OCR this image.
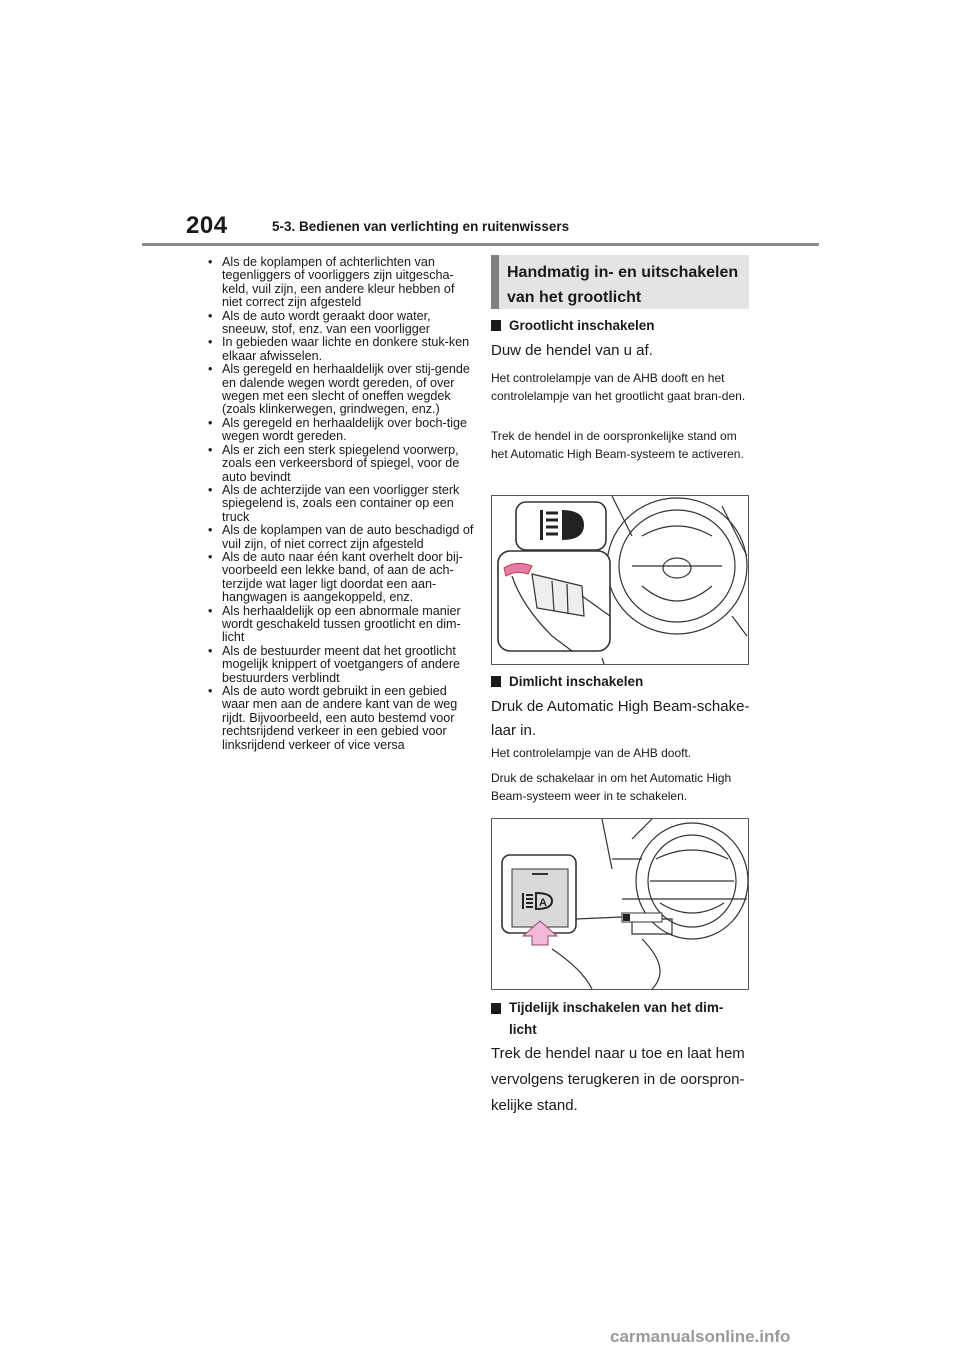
204	5-3. Bedienen van verlichting en ruitenwissers
• Als de koplampen of achterlichten van tegenliggers of voorliggers zijn uitgescha-keld, vuil zijn, een andere kleur hebben of niet correct zijn afgesteld
• Als de auto wordt geraakt door water, sneeuw, stof, enz. van een voorligger
• In gebieden waar lichte en donkere stuk-ken elkaar afwisselen.
• Als geregeld en herhaaldelijk over stij-gende en dalende wegen wordt gereden, of over wegen met een slecht of oneffen wegdek (zoals klinkerwegen, grindwegen, enz.)
• Als geregeld en herhaaldelijk over boch-tige wegen wordt gereden.
• Als er zich een sterk spiegelend voorwerp, zoals een verkeersbord of spiegel, voor de auto bevindt
• Als de achterzijde van een voorligger sterk spiegelend is, zoals een container op een truck
• Als de koplampen van de auto beschadigd of vuil zijn, of niet correct zijn afgesteld
• Als de auto naar één kant overhelt door bij-voorbeeld een lekke band, of aan de ach-terzijde wat lager ligt doordat een aan-hangwagen is aangekoppeld, enz.
• Als herhaaldelijk op een abnormale manier wordt geschakeld tussen grootlicht en dim-licht
• Als de bestuurder meent dat het grootlicht mogelijk knippert of voetgangers of andere bestuurders verblindt
• Als de auto wordt gebruikt in een gebied waar men aan de andere kant van de weg rijdt. Bijvoorbeeld, een auto bestemd voor rechtsrijdend verkeer in een gebied voor linksrijdend verkeer of vice versa
Handmatig in- en uitschakelen
van het grootlicht
Grootlicht inschakelen
Duw de hendel van u af.
Het controlelampje van de AHB dooft en het controlelampje van het grootlicht gaat bran-den.
Trek de hendel in de oorspronkelijke stand om het Automatic High Beam-systeem te activeren.
Dimlicht inschakelen
Druk de Automatic High Beam-schake-laar in.
Het controlelampje van de AHB dooft.
Druk de schakelaar in om het Automatic High Beam-systeem weer in te schakelen.
A
Tijdelijk inschakelen van het dim-
licht
Trek de hendel naar u toe en laat hem vervolgens terugkeren in de oorspron-kelijke stand.
carmanualsonline.info
